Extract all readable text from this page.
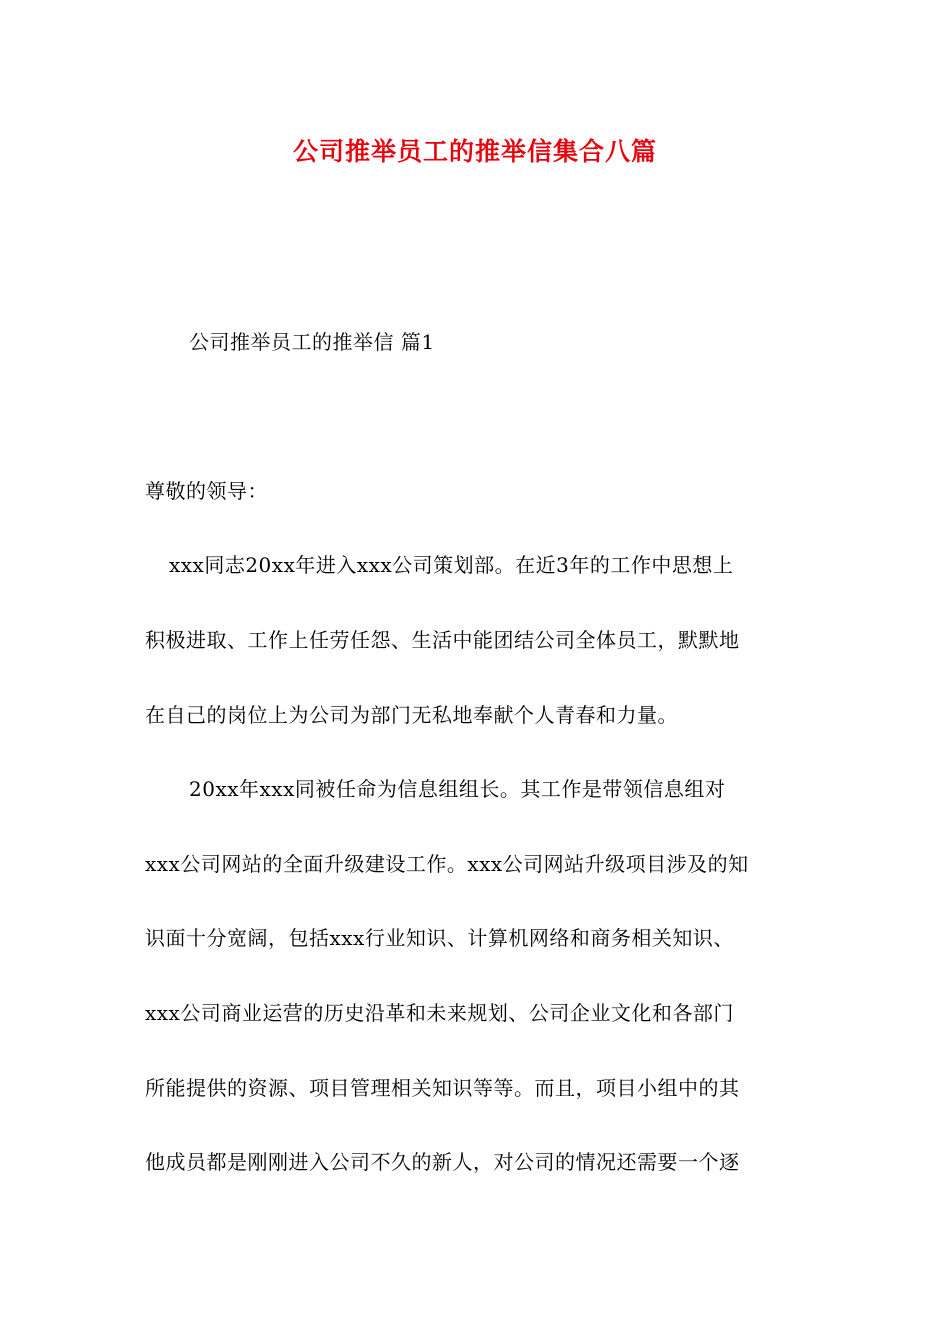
公司推举员工的推举信集合八篇
公司推举员工的推举信 篇1
尊敬的领导：
xxx同志20xx年进入xxx公司策划部。在近3年的工作中思想上
积极进取、工作上任劳任怨、生活中能团结公司全体员工，默默地
在自己的岗位上为公司为部门无私地奉献个人青春和力量。
20xx年xxx同被任命为信息组组长。其工作是带领信息组对
xxx公司网站的全面升级建设工作。xxx公司网站升级项目涉及的知
识面十分宽阔，包括xxx行业知识、计算机网络和商务相关知识、
xxx公司商业运营的历史沿革和未来规划、公司企业文化和各部门
所能提供的资源、项目管理相关知识等等。而且，项目小组中的其
他成员都是刚刚进入公司不久的新人，对公司的情况还需要一个逐
